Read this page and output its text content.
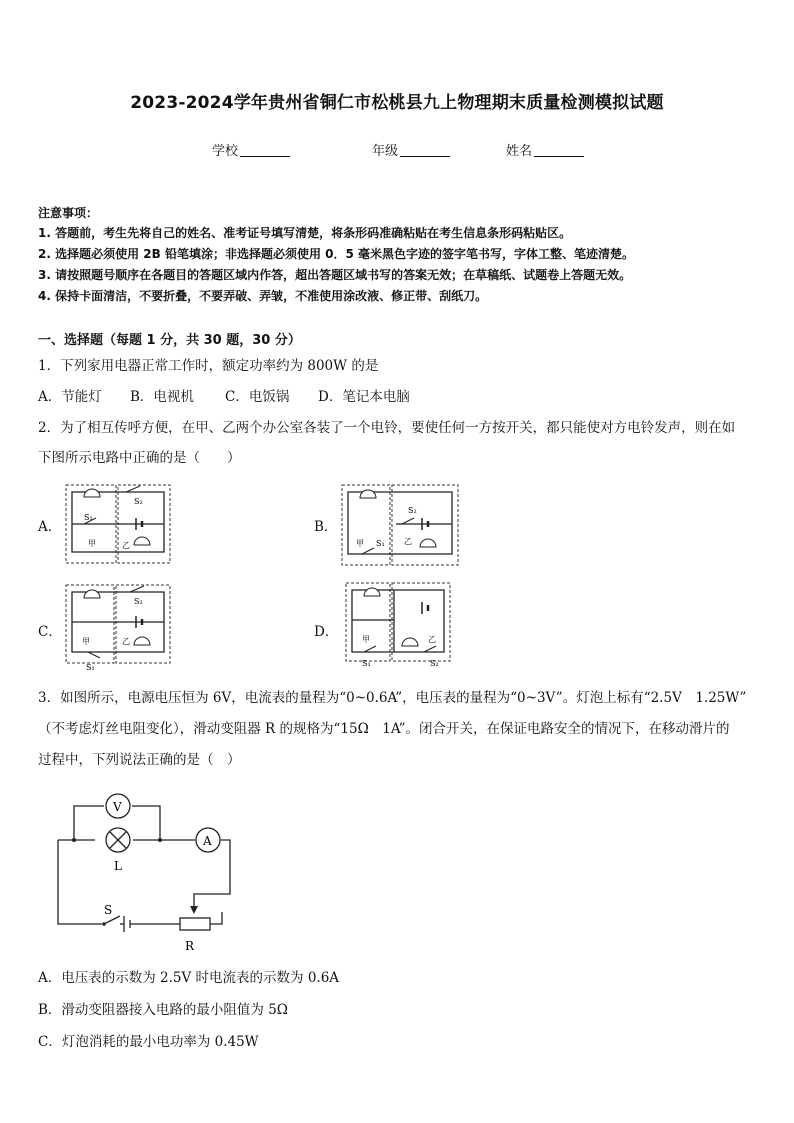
2023-2024学年贵州省铜仁市松桃县九上物理期末质量检测模拟试题
学校	年级	姓名
注意事项：
1. 答题前，考生先将自己的姓名、准考证号填写清楚，将条形码准确粘贴在考生信息条形码粘贴区。
2. 选择题必须使用 2B 铅笔填涂；非选择题必须使用 0．5 毫米黑色字迹的签字笔书写，字体工整、笔迹清楚。
3. 请按照题号顺序在各题目的答题区域内作答，超出答题区域书写的答案无效；在草稿纸、试题卷上答题无效。
4. 保持卡面清洁，不要折叠，不要弄破、弄皱，不准使用涂改液、修正带、刮纸刀。
一、选择题（每题 1 分，共 30 题，30 分）
1．下列家用电器正常工作时，额定功率约为 800W 的是
A．节能灯 B．电视机 C．电饭锅 D．笔记本电脑
2．为了相互传呼方便，在甲、乙两个办公室各装了一个电铃，要使任何一方按开关，都只能使对方电铃发声，则在如
下图所示电路中正确的是（　　）
A．	B．
C．	D．
S₁
S₂
甲	乙
S₂
S₁
甲	乙
S₂
S₁
甲	乙
S₁	S₂
甲	乙
3．如图所示，电源电压恒为 6V，电流表的量程为“0~0.6A”，电压表的量程为“0~3V”。灯泡上标有“2.5V　1.25W”
（不考虑灯丝电阻变化），滑动变阻器 R 的规格为“15Ω　1A”。闭合开关，在保证电路安全的情况下，在移动滑片的
过程中，下列说法正确的是（　）
V
L
A
S
R
A．电压表的示数为 2.5V 时电流表的示数为 0.6A
B．滑动变阻器接入电路的最小阻值为 5Ω
C．灯泡消耗的最小电功率为 0.45W
